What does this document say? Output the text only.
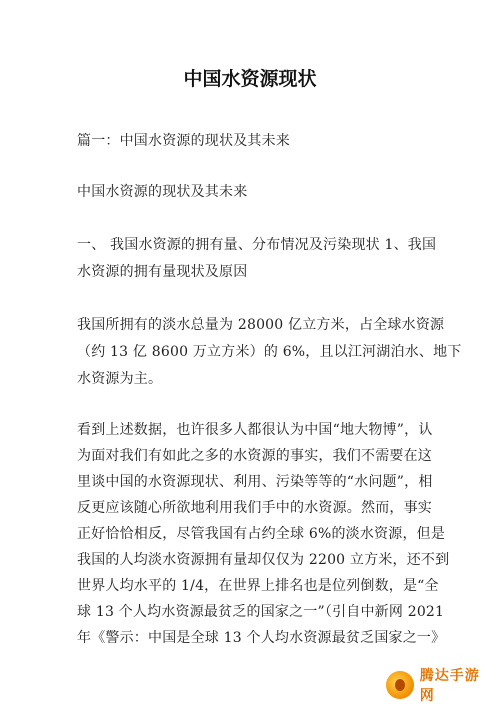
中国水资源现状
篇一：中国水资源的现状及其未来
中国水资源的现状及其未来
一、 我国水资源的拥有量、分布情况及污染现状 1、我国
水资源的拥有量现状及原因
我国所拥有的淡水总量为 28000 亿立方米，占全球水资源
（约 13 亿 8600 万立方米）的 6%，且以江河湖泊水、地下
水资源为主。
看到上述数据，也许很多人都很认为中国“地大物博”，认
为面对我们有如此之多的水资源的事实，我们不需要在这
里谈中国的水资源现状、利用、污染等等的“水问题”，相
反更应该随心所欲地利用我们手中的水资源。然而，事实
正好恰恰相反，尽管我国有占约全球 6%的淡水资源，但是
我国的人均淡水资源拥有量却仅仅为 2200 立方米，还不到
世界人均水平的 1/4，在世界上排名也是位列倒数，是“全
球 13 个人均水资源最贫乏的国家之一”（引自中新网 2021
年《警示：中国是全球 13 个人均水资源最贫乏国家之一》
腾达手游网
